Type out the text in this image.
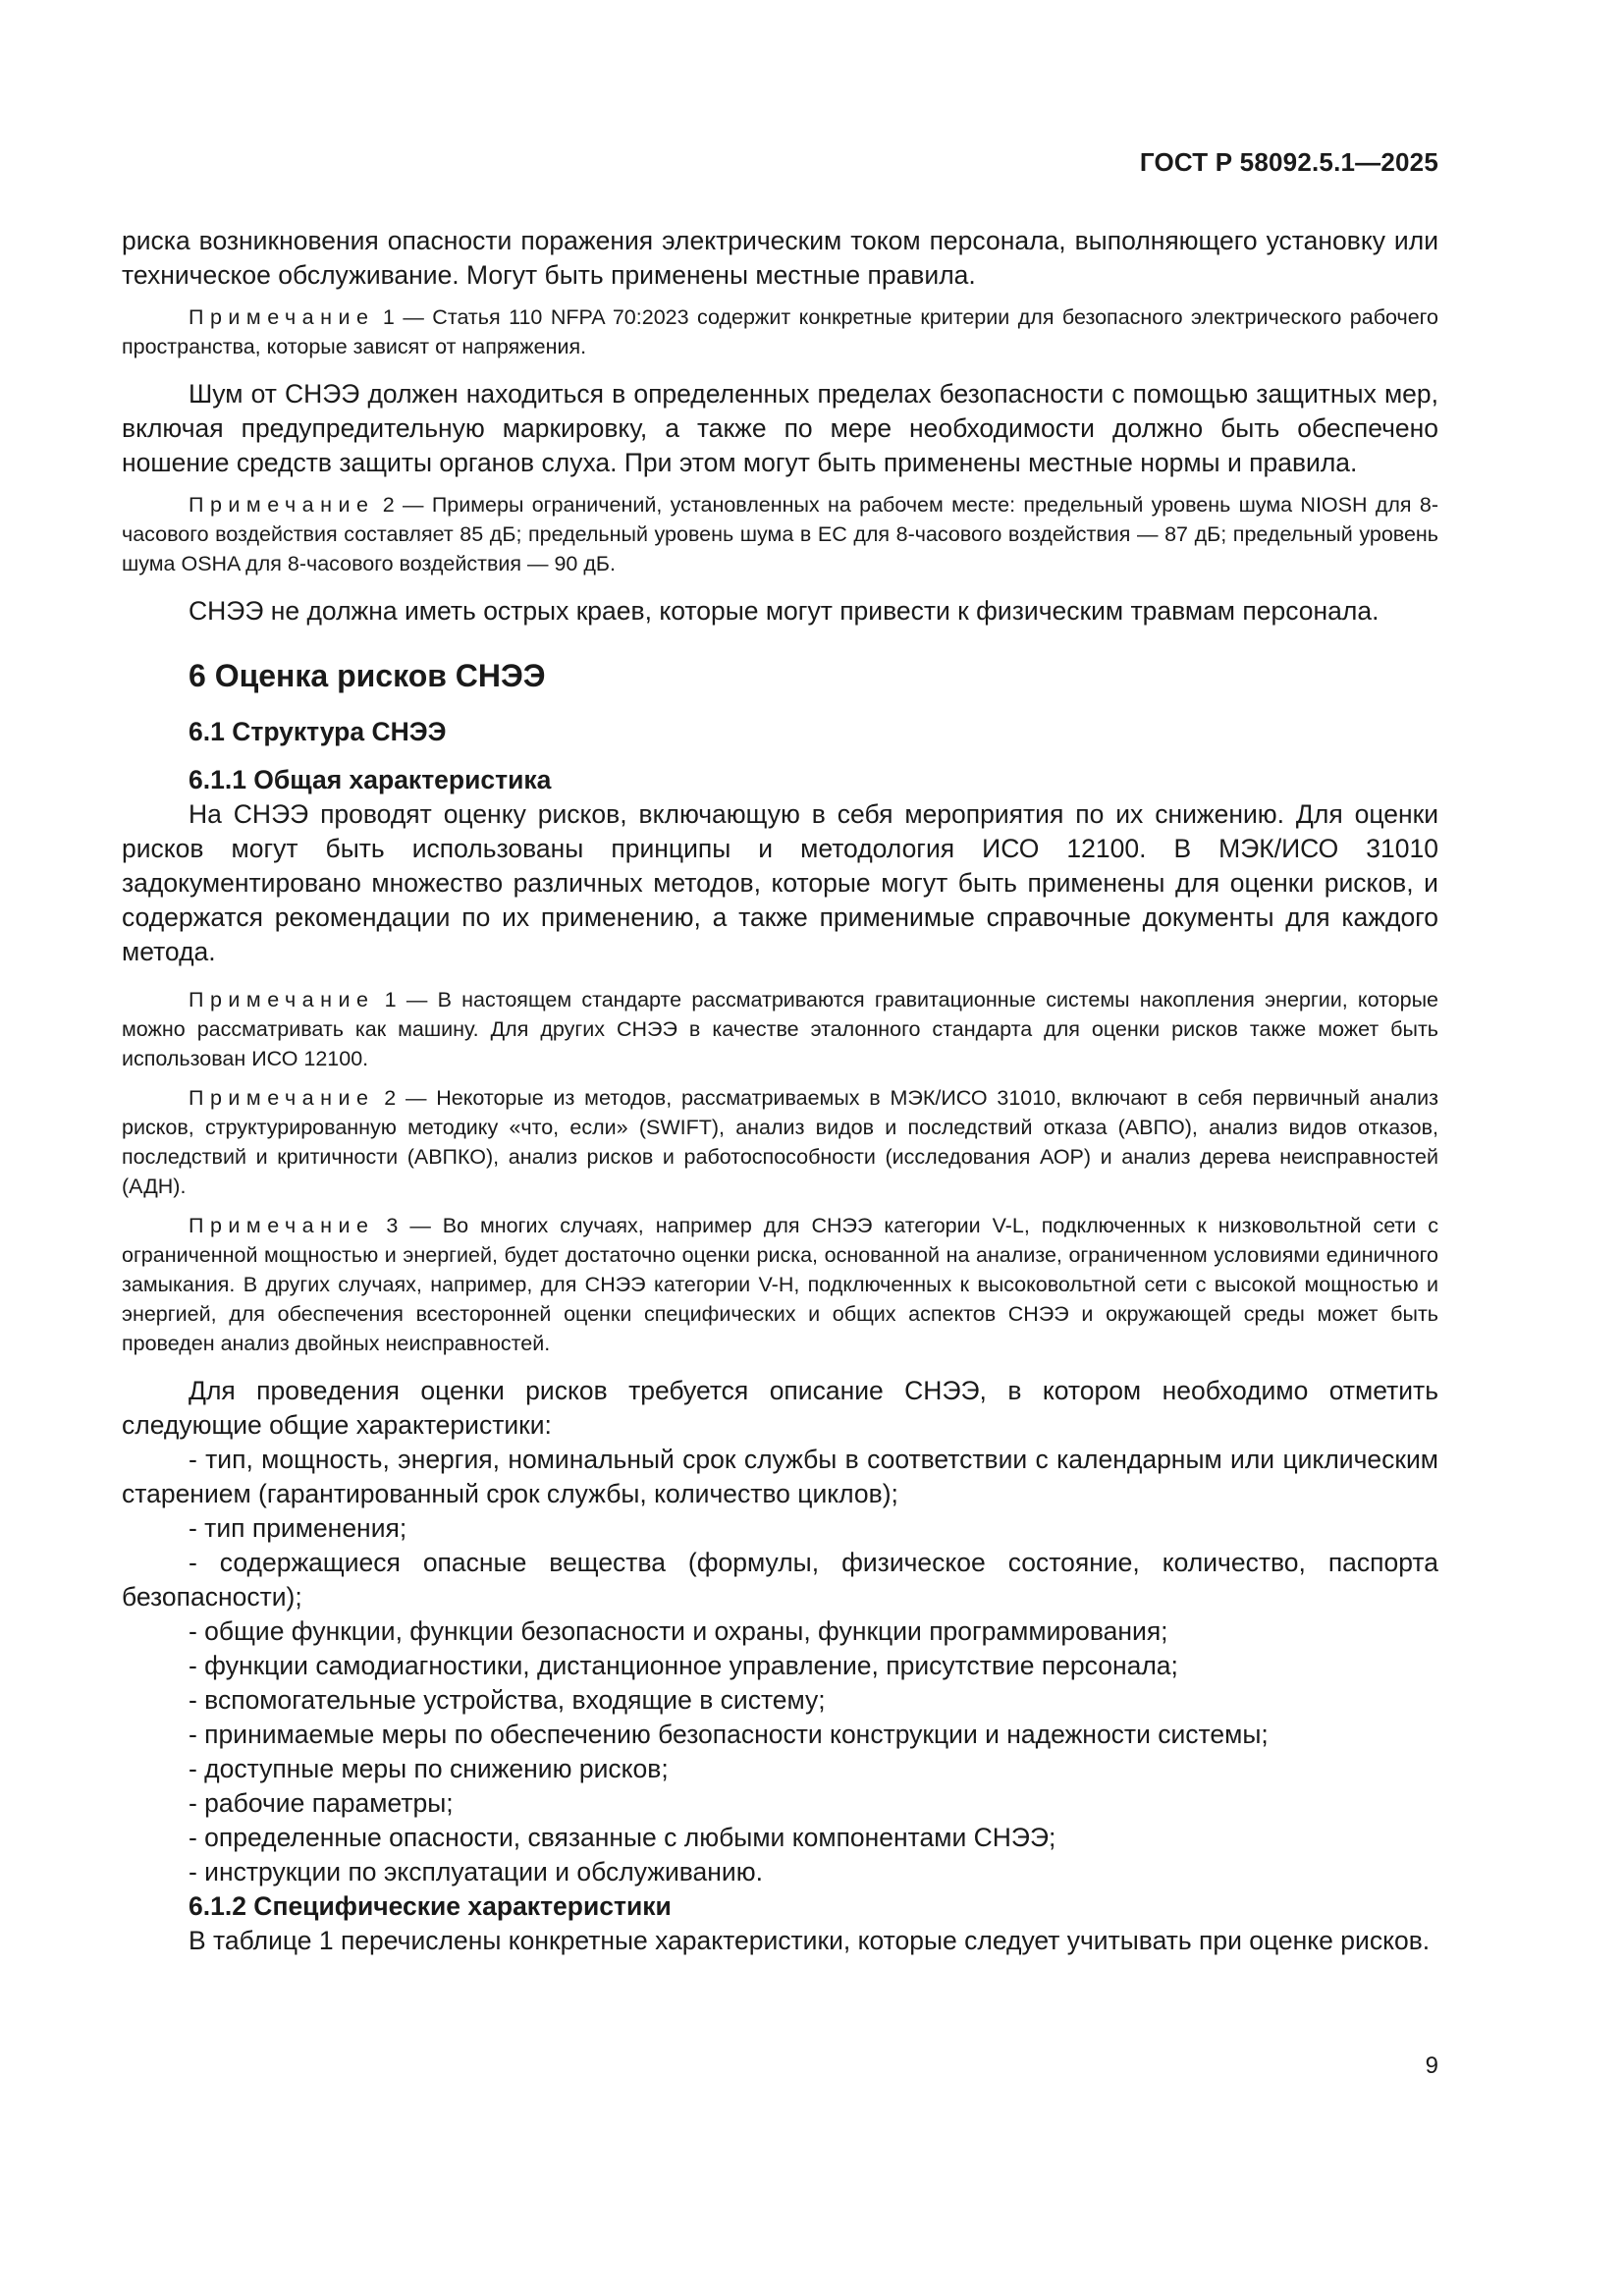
ГОСТ Р 58092.5.1—2025

риска возникновения опасности поражения электрическим током персонала, выполняющего установку или техническое обслуживание. Могут быть применены местные правила.

Примечание 1 — Статья 110 NFPA 70:2023 содержит конкретные критерии для безопасного электрического рабочего пространства, которые зависят от напряжения.

Шум от СНЭЭ должен находиться в определенных пределах безопасности с помощью защитных мер, включая предупредительную маркировку, а также по мере необходимости должно быть обеспечено ношение средств защиты органов слуха. При этом могут быть применены местные нормы и правила.

Примечание 2 — Примеры ограничений, установленных на рабочем месте: предельный уровень шума NIOSH для 8-часового воздействия составляет 85 дБ; предельный уровень шума в ЕС для 8-часового воздействия — 87 дБ; предельный уровень шума OSHA для 8-часового воздействия — 90 дБ.

СНЭЭ не должна иметь острых краев, которые могут привести к физическим травмам персонала.

6 Оценка рисков СНЭЭ
6.1 Структура СНЭЭ
6.1.1 Общая характеристика

На СНЭЭ проводят оценку рисков, включающую в себя мероприятия по их снижению. Для оценки рисков могут быть использованы принципы и методология ИСО 12100. В МЭК/ИСО 31010 задокументировано множество различных методов, которые могут быть применены для оценки рисков, и содержатся рекомендации по их применению, а также применимые справочные документы для каждого метода.

Примечание 1 — В настоящем стандарте рассматриваются гравитационные системы накопления энергии, которые можно рассматривать как машину. Для других СНЭЭ в качестве эталонного стандарта для оценки рисков также может быть использован ИСО 12100.

Примечание 2 — Некоторые из методов, рассматриваемых в МЭК/ИСО 31010, включают в себя первичный анализ рисков, структурированную методику «что, если» (SWIFT), анализ видов и последствий отказа (АВПО), анализ видов отказов, последствий и критичности (АВПКО), анализ рисков и работоспособности (исследования АОР) и анализ дерева неисправностей (АДН).

Примечание 3 — Во многих случаях, например для СНЭЭ категории V-L, подключенных к низковольтной сети с ограниченной мощностью и энергией, будет достаточно оценки риска, основанной на анализе, ограниченном условиями единичного замыкания. В других случаях, например, для СНЭЭ категории V-H, подключенных к высоковольтной сети с высокой мощностью и энергией, для обеспечения всесторонней оценки специфических и общих аспектов СНЭЭ и окружающей среды может быть проведен анализ двойных неисправностей.

Для проведения оценки рисков требуется описание СНЭЭ, в котором необходимо отметить следующие общие характеристики:

- тип, мощность, энергия, номинальный срок службы в соответствии с календарным или циклическим старением (гарантированный срок службы, количество циклов);

- тип применения;

- содержащиеся опасные вещества (формулы, физическое состояние, количество, паспорта безопасности);

- общие функции, функции безопасности и охраны, функции программирования;

- функции самодиагностики, дистанционное управление, присутствие персонала;

- вспомогательные устройства, входящие в систему;

- принимаемые меры по обеспечению безопасности конструкции и надежности системы;

- доступные меры по снижению рисков;

- рабочие параметры;

- определенные опасности, связанные с любыми компонентами СНЭЭ;

- инструкции по эксплуатации и обслуживанию.

6.1.2 Специфические характеристики

В таблице 1 перечислены конкретные характеристики, которые следует учитывать при оценке рисков.

9
